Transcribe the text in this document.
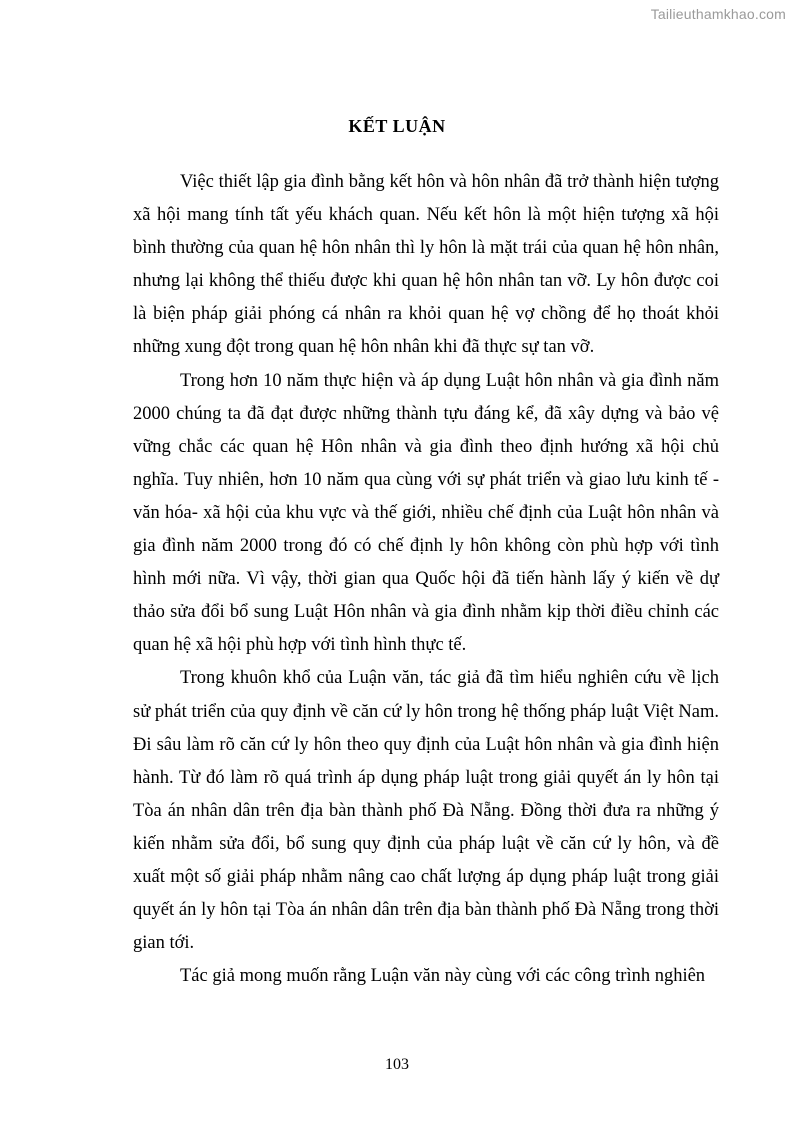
Tailieuthamkhao.com
KẾT LUẬN

Việc thiết lập gia đình bằng kết hôn và hôn nhân đã trở thành hiện tượng xã hội mang tính tất yếu khách quan. Nếu kết hôn là một hiện tượng xã hội bình thường của quan hệ hôn nhân thì ly hôn là mặt trái của quan hệ hôn nhân, nhưng lại không thể thiếu được khi quan hệ hôn nhân tan vỡ. Ly hôn được coi là biện pháp giải phóng cá nhân ra khỏi quan hệ vợ chồng để họ thoát khỏi những xung đột trong quan hệ hôn nhân khi đã thực sự tan vỡ.

Trong hơn 10 năm thực hiện và áp dụng Luật hôn nhân và gia đình năm 2000 chúng ta đã đạt được những thành tựu đáng kể, đã xây dựng và bảo vệ vững chắc các quan hệ Hôn nhân và gia đình theo định hướng xã hội chủ nghĩa. Tuy nhiên, hơn 10 năm qua cùng với sự phát triển và giao lưu kinh tế - văn hóa- xã hội của khu vực và thế giới, nhiều chế định của Luật hôn nhân và gia đình năm 2000 trong đó có chế định ly hôn không còn phù hợp với tình hình mới nữa. Vì vậy, thời gian qua Quốc hội đã tiến hành lấy ý kiến về dự thảo sửa đổi bổ sung Luật Hôn nhân và gia đình nhằm kịp thời điều chỉnh các quan hệ xã hội phù hợp với tình hình thực tế.

Trong khuôn khổ của Luận văn, tác giả đã tìm hiểu nghiên cứu về lịch sử phát triển của quy định về căn cứ ly hôn trong hệ thống pháp luật Việt Nam. Đi sâu làm rõ căn cứ ly hôn theo quy định của Luật hôn nhân và gia đình hiện hành. Từ đó làm rõ quá trình áp dụng pháp luật trong giải quyết án ly hôn tại Tòa án nhân dân trên địa bàn thành phố Đà Nẵng. Đồng thời đưa ra những ý kiến nhằm sửa đổi, bổ sung quy định của pháp luật về căn cứ ly hôn, và đề xuất một số giải pháp nhằm nâng cao chất lượng áp dụng pháp luật trong giải quyết án ly hôn tại Tòa án nhân dân trên địa bàn thành phố Đà Nẵng trong thời gian tới.

Tác giả mong muốn rằng Luận văn này cùng với các công trình nghiên

103
